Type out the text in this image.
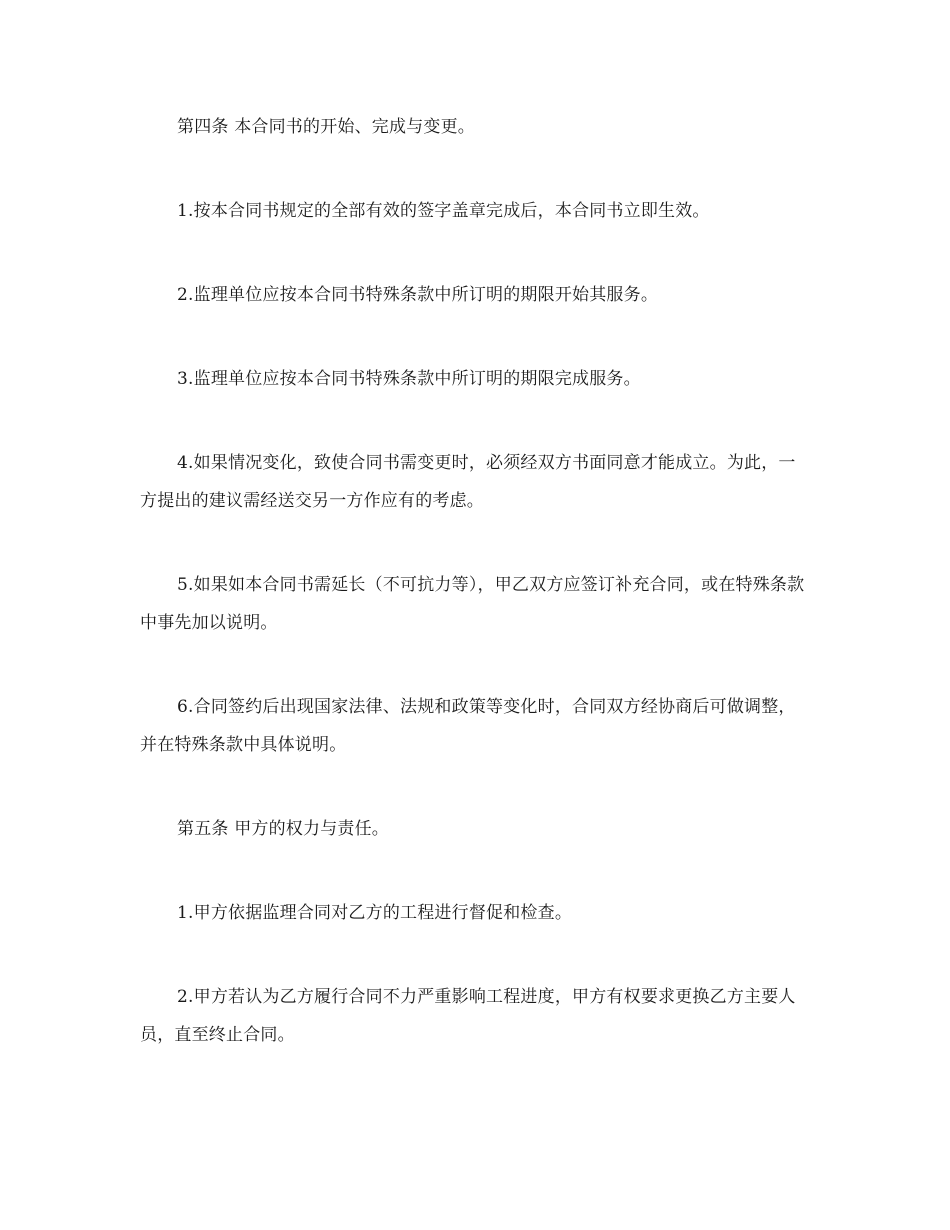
第四条 本合同书的开始、完成与变更。

1.按本合同书规定的全部有效的签字盖章完成后，本合同书立即生效。

2.监理单位应按本合同书特殊条款中所订明的期限开始其服务。

3.监理单位应按本合同书特殊条款中所订明的期限完成服务。

4.如果情况变化，致使合同书需变更时，必须经双方书面同意才能成立。为此，一方提出的建议需经送交另一方作应有的考虑。

5.如果如本合同书需延长（不可抗力等），甲乙双方应签订补充合同，或在特殊条款中事先加以说明。

6.合同签约后出现国家法律、法规和政策等变化时，合同双方经协商后可做调整，并在特殊条款中具体说明。

第五条 甲方的权力与责任。

1.甲方依据监理合同对乙方的工程进行督促和检查。

2.甲方若认为乙方履行合同不力严重影响工程进度，甲方有权要求更换乙方主要人员，直至终止合同。
